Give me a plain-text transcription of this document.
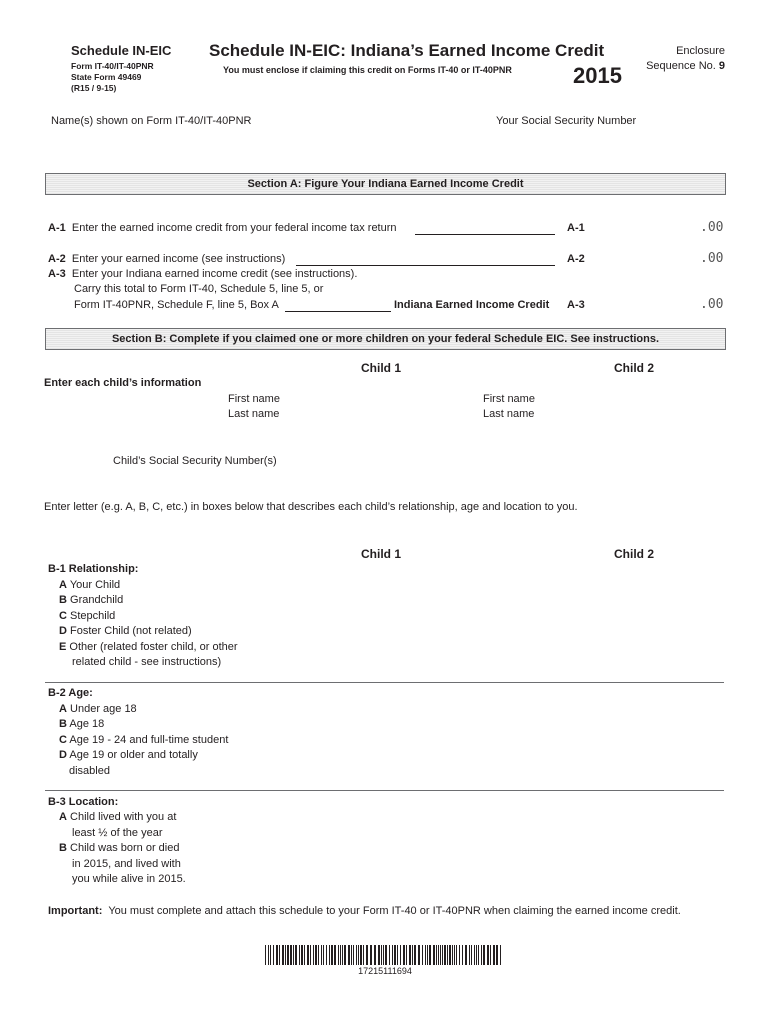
Schedule IN-EIC
Form IT-40/IT-40PNR
State Form 49469
(R15 / 9-15)
Schedule IN-EIC: Indiana’s Earned Income Credit
You must enclose if claiming this credit on Forms IT-40 or IT-40PNR	2015
Enclosure
Sequence No. 9
Name(s) shown on Form IT-40/IT-40PNR	Your Social Security Number
Section A: Figure Your Indiana Earned Income Credit
A-1 Enter the earned income credit from your federal income tax return	A-1	.00
A-2 Enter your earned income (see instructions)	A-2	.00
A-3 Enter your Indiana earned income credit (see instructions).
Carry this total to Form IT-40, Schedule 5, line 5, or
Form IT-40PNR, Schedule F, line 5, Box A	Indiana Earned Income Credit A-3	.00
Section B: Complete if you claimed one or more children on your federal Schedule EIC. See instructions.
Child 1	Child 2
Enter each child’s information
First name
Last name
First name
Last name
Child’s Social Security Number(s)
Enter letter (e.g. A, B, C, etc.) in boxes below that describes each child’s relationship, age and location to you.
Child 1	Child 2
B-1 Relationship:
A Your Child
B Grandchild
C Stepchild
D Foster Child (not related)
E Other (related foster child, or other
related child - see instructions)
B-2 Age:
A Under age 18
B Age 18
C Age 19 - 24 and full-time student
D Age 19 or older and totally
disabled
B-3 Location:
A Child lived with you at
least ½ of the year
B Child was born or died
in 2015, and lived with
you while alive in 2015.
Important: You must complete and attach this schedule to your Form IT-40 or IT-40PNR when claiming the earned income credit.
17215111694
